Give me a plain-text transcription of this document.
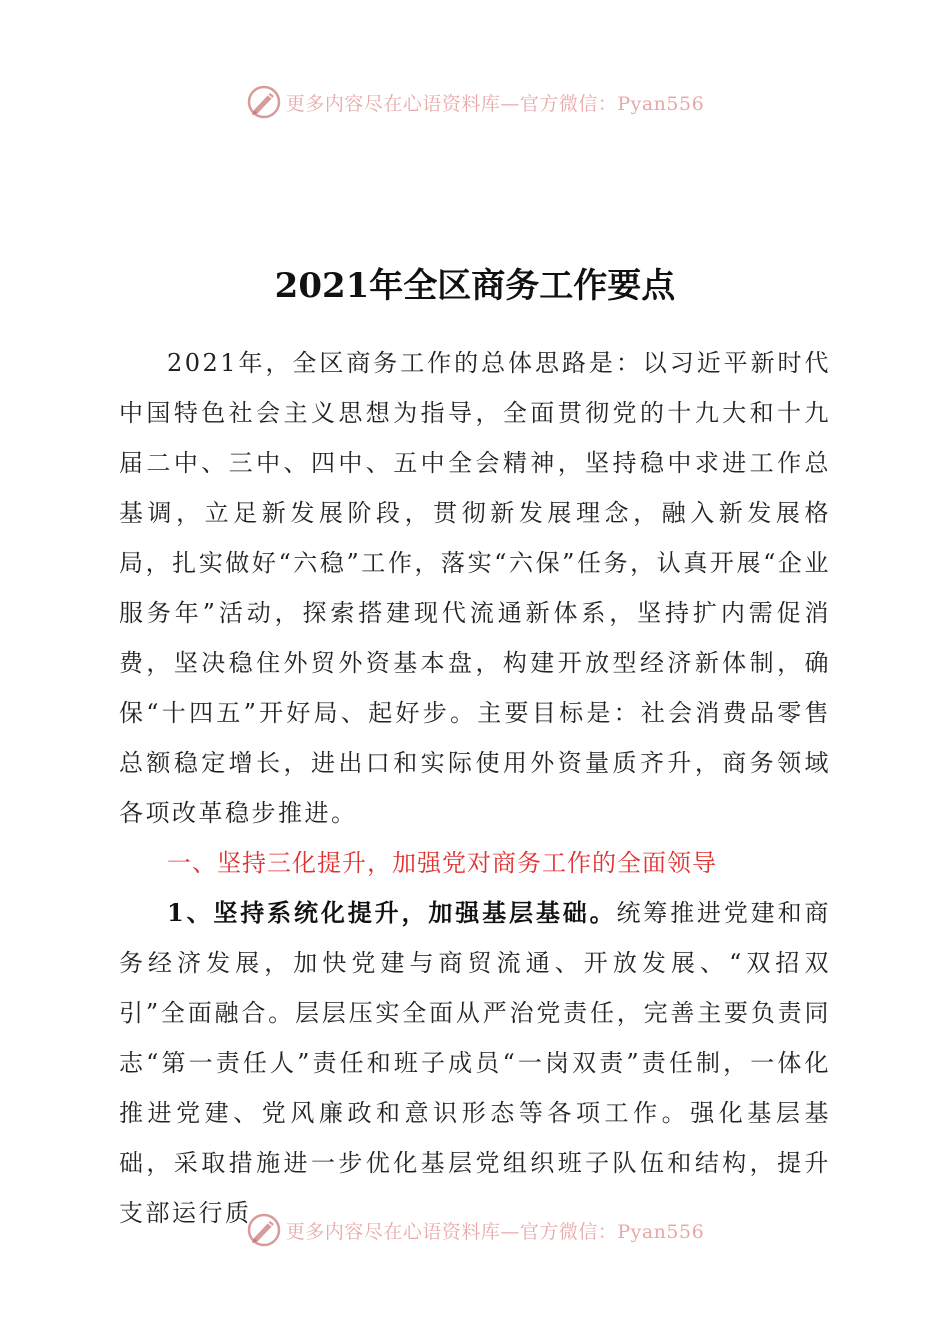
更多内容尽在心语资料库—官方微信：Pyan556
2021年全区商务工作要点

2021年，全区商务工作的总体思路是：以习近平新时代中国特色社会主义思想为指导，全面贯彻党的十九大和十九届二中、三中、四中、五中全会精神，坚持稳中求进工作总基调，立足新发展阶段，贯彻新发展理念，融入新发展格局，扎实做好“六稳”工作，落实“六保”任务，认真开展“企业服务年”活动，探索搭建现代流通新体系，坚持扩内需促消费，坚决稳住外贸外资基本盘，构建开放型经济新体制，确保“十四五”开好局、起好步。主要目标是：社会消费品零售总额稳定增长，进出口和实际使用外资量质齐升，商务领域各项改革稳步推进。

一、坚持三化提升，加强党对商务工作的全面领导

1、坚持系统化提升，加强基层基础。统筹推进党建和商务经济发展，加快党建与商贸流通、开放发展、“双招双引”全面融合。层层压实全面从严治党责任，完善主要负责同志“第一责任人”责任和班子成员“一岗双责”责任制，一体化推进党建、党风廉政和意识形态等各项工作。强化基层基础，采取措施进一步优化基层党组织班子队伍和结构，提升支部运行质

更多内容尽在心语资料库—官方微信：Pyan556
